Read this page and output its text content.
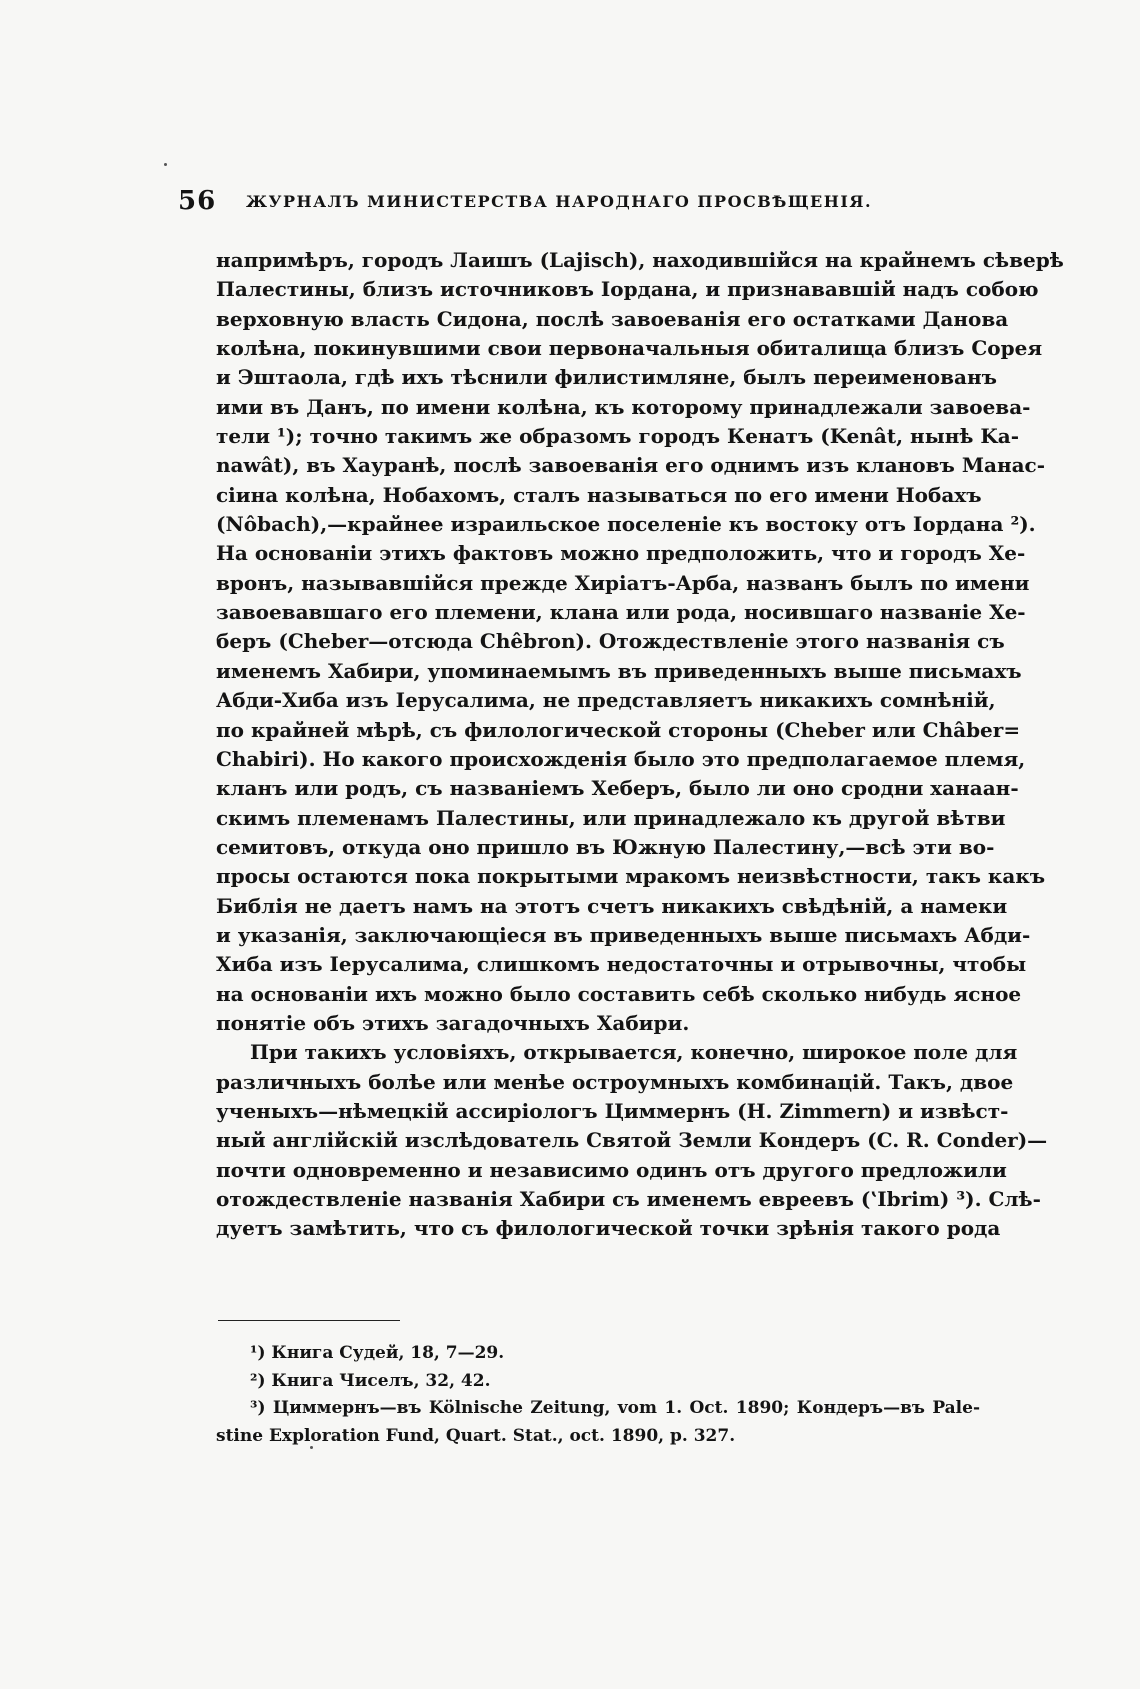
56 ЖУРНАЛЪ МИНИСТЕРСТВА НАРОДНАГО ПРОСВѢЩЕНІЯ.
напримѣръ, городъ Лаишъ (Lajisch), находившійся на крайнемъ сѣверѣ
Палестины, близъ источниковъ Іордана, и признававшій надъ собою
верховную власть Сидона, послѣ завоеванія его остатками Данова
колѣна, покинувшими свои первоначальныя обиталища близъ Сорея
и Эштаола, гдѣ ихъ тѣснили филистимляне, былъ переименованъ
ими въ Данъ, по имени колѣна, къ которому принадлежали завоева-
тели ¹); точно такимъ же образомъ городъ Кенатъ (Kenât, нынѣ Ka-
nawât), въ Хауранѣ, послѣ завоеванія его однимъ изъ клановъ Манас-
сіина колѣна, Нобахомъ, сталъ называться по его имени Нобахъ
(Nôbach),—крайнее израильское поселеніе къ востоку отъ Іордана ²).
На основаніи этихъ фактовъ можно предположить, что и городъ Хе-
вронъ, называвшійся прежде Хиріатъ-Арба, названъ былъ по имени
завоевавшаго его племени, клана или рода, носившаго названіе Хе-
беръ (Cheber—отсюда Chêbron). Отождествленіе этого названія съ
именемъ Хабири, упоминаемымъ въ приведенныхъ выше письмахъ
Абди-Хиба изъ Іерусалима, не представляетъ никакихъ сомнѣній,
по крайней мѣрѣ, съ филологической стороны (Cheber или Châber=
Chabiri). Но какого происхожденія было это предполагаемое племя,
кланъ или родъ, съ названіемъ Хеберъ, было ли оно сродни ханаан-
скимъ племенамъ Палестины, или принадлежало къ другой вѣтви
семитовъ, откуда оно пришло въ Южную Палестину,—всѣ эти во-
просы остаются пока покрытыми мракомъ неизвѣстности, такъ какъ
Библія не даетъ намъ на этотъ счетъ никакихъ свѣдѣній, а намеки
и указанія, заключающіеся въ приведенныхъ выше письмахъ Абди-
Хиба изъ Іерусалима, слишкомъ недостаточны и отрывочны, чтобы
на основаніи ихъ можно было составить себѣ сколько нибудь ясное
понятіе объ этихъ загадочныхъ Хабири.
При такихъ условіяхъ, открывается, конечно, широкое поле для
различныхъ болѣе или менѣе остроумныхъ комбинацій. Такъ, двое
ученыхъ—нѣмецкій ассиріологъ Циммернъ (H. Zimmern) и извѣст-
ный англійскій изслѣдователь Святой Земли Кондеръ (C. R. Conder)—
почти одновременно и независимо одинъ отъ другого предложили
отождествленіе названія Хабири съ именемъ евреевъ (ʽIbrim) ³). Слѣ-
дуетъ замѣтить, что съ филологической точки зрѣнія такого рода
¹) Книга Судей, 18, 7—29.
²) Книга Чиселъ, 32, 42.
³) Циммернъ—въ Kölnische Zeitung, vom 1. Oct. 1890; Кондеръ—въ Pale-
stine Exploration Fund, Quart. Stat., oct. 1890, p. 327.
